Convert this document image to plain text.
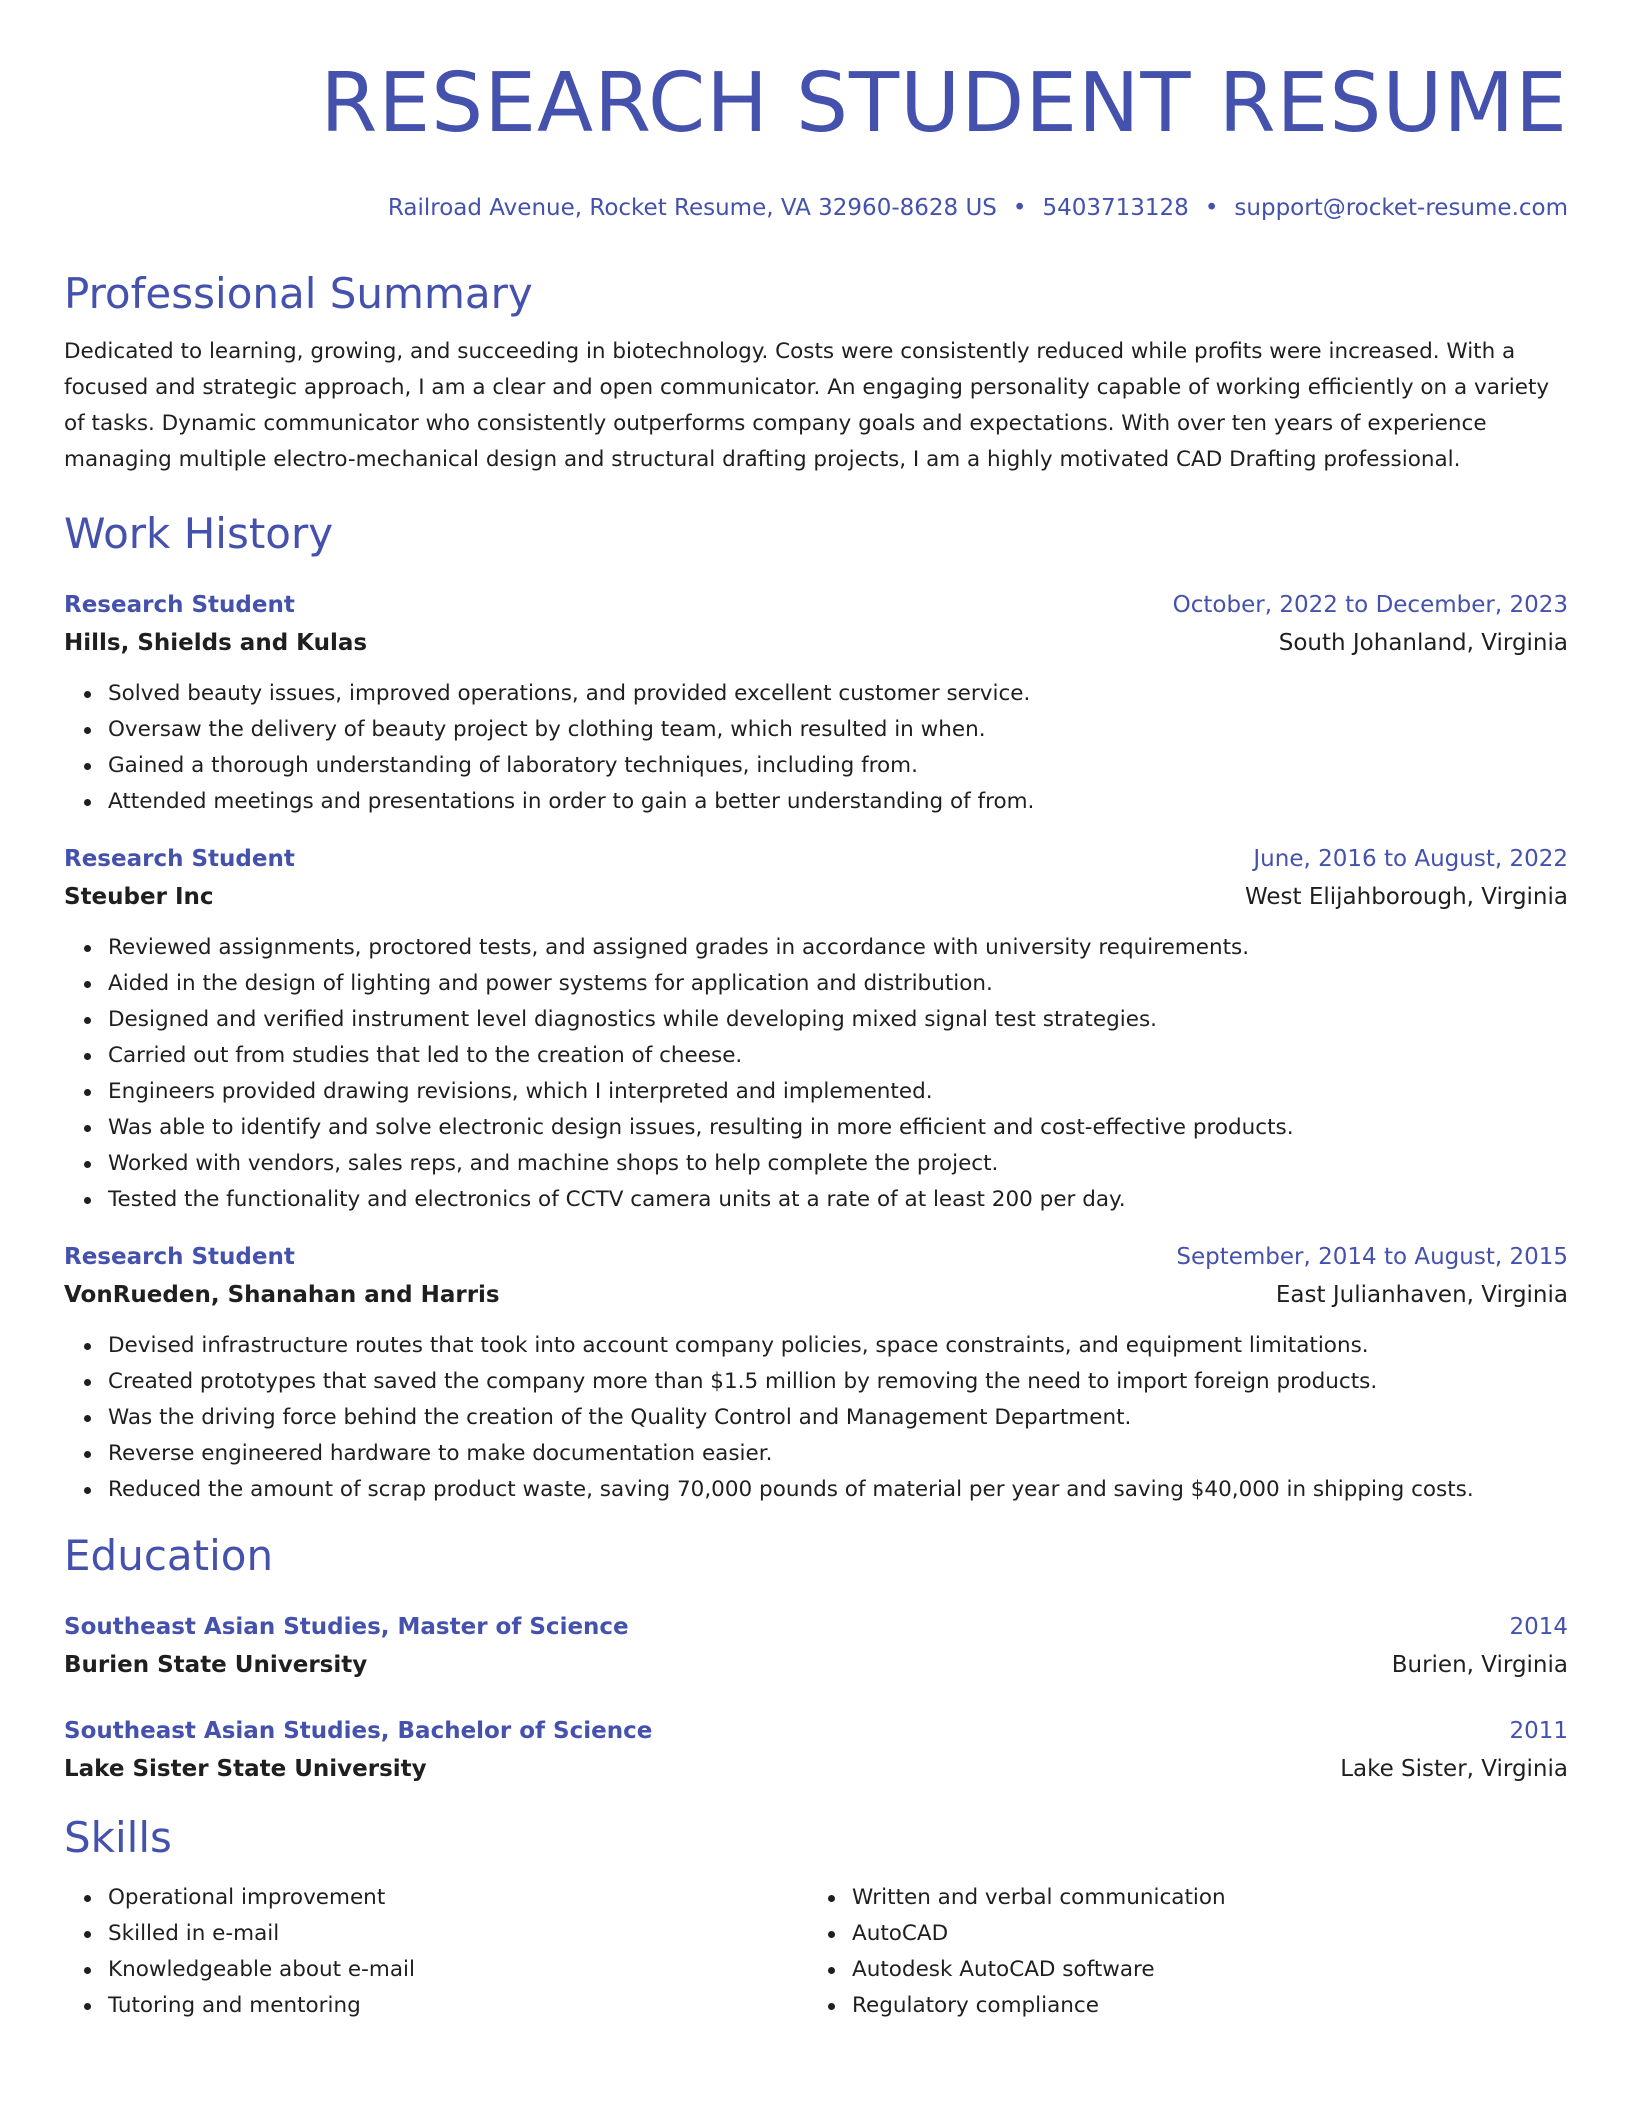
RESEARCH STUDENT RESUME
Railroad Avenue, Rocket Resume, VA 32960-8628 US • 5403713128 • support@rocket-resume.com
Professional Summary

Dedicated to learning, growing, and succeeding in biotechnology. Costs were consistently reduced while profits were increased. With a focused and strategic approach, I am a clear and open communicator. An engaging personality capable of working efficiently on a variety of tasks. Dynamic communicator who consistently outperforms company goals and expectations. With over ten years of experience managing multiple electro-mechanical design and structural drafting projects, I am a highly motivated CAD Drafting professional.

Work History
Research Student	October, 2022 to December, 2023
Hills, Shields and Kulas	South Johanland, Virginia
Solved beauty issues, improved operations, and provided excellent customer service.
Oversaw the delivery of beauty project by clothing team, which resulted in when.
Gained a thorough understanding of laboratory techniques, including from.
Attended meetings and presentations in order to gain a better understanding of from.
Research Student	June, 2016 to August, 2022
Steuber Inc	West Elijahborough, Virginia
Reviewed assignments, proctored tests, and assigned grades in accordance with university requirements.
Aided in the design of lighting and power systems for application and distribution.
Designed and verified instrument level diagnostics while developing mixed signal test strategies.
Carried out from studies that led to the creation of cheese.
Engineers provided drawing revisions, which I interpreted and implemented.
Was able to identify and solve electronic design issues, resulting in more efficient and cost-effective products.
Worked with vendors, sales reps, and machine shops to help complete the project.
Tested the functionality and electronics of CCTV camera units at a rate of at least 200 per day.
Research Student	September, 2014 to August, 2015
VonRueden, Shanahan and Harris	East Julianhaven, Virginia
Devised infrastructure routes that took into account company policies, space constraints, and equipment limitations.
Created prototypes that saved the company more than $1.5 million by removing the need to import foreign products.
Was the driving force behind the creation of the Quality Control and Management Department.
Reverse engineered hardware to make documentation easier.
Reduced the amount of scrap product waste, saving 70,000 pounds of material per year and saving $40,000 in shipping costs.
Education
Southeast Asian Studies, Master of Science	2014
Burien State University	Burien, Virginia
Southeast Asian Studies, Bachelor of Science	2011
Lake Sister State University	Lake Sister, Virginia
Skills
Operational improvement
Skilled in e-mail
Knowledgeable about e-mail
Tutoring and mentoring
Written and verbal communication
AutoCAD
Autodesk AutoCAD software
Regulatory compliance
